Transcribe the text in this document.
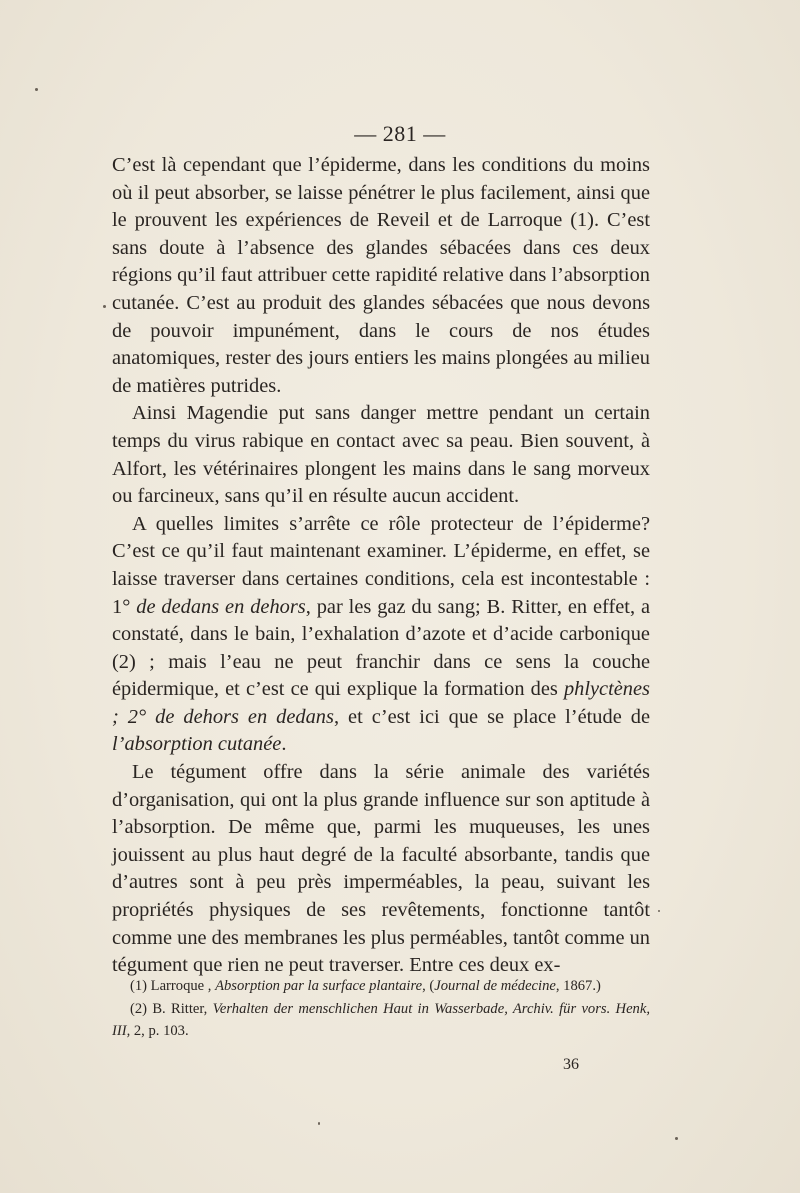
— 281 —

C’est là cependant que l’épiderme, dans les conditions du moins où il peut absorber, se laisse pénétrer le plus facilement, ainsi que le prouvent les expériences de Reveil et de Larroque (1). C’est sans doute à l’absence des glandes sébacées dans ces deux régions qu’il faut attribuer cette rapidité relative dans l’absorption cutanée. C’est au produit des glandes sébacées que nous devons de pouvoir impunément, dans le cours de nos études anatomiques, rester des jours entiers les mains plongées au milieu de matières putrides.

Ainsi Magendie put sans danger mettre pendant un certain temps du virus rabique en contact avec sa peau. Bien souvent, à Alfort, les vétérinaires plongent les mains dans le sang morveux ou farcineux, sans qu’il en résulte aucun accident.

A quelles limites s’arrête ce rôle protecteur de l’épiderme? C’est ce qu’il faut maintenant examiner. L’épiderme, en effet, se laisse traverser dans certaines conditions, cela est incontestable : 1° de dedans en dehors, par les gaz du sang; B. Ritter, en effet, a constaté, dans le bain, l’exhalation d’azote et d’acide carbonique (2) ; mais l’eau ne peut franchir dans ce sens la couche épidermique, et c’est ce qui explique la formation des phlyctènes ; 2° de dehors en dedans, et c’est ici que se place l’étude de l’absorption cutanée.

Le tégument offre dans la série animale des variétés d’organisation, qui ont la plus grande influence sur son aptitude à l’absorption. De même que, parmi les muqueuses, les unes jouissent au plus haut degré de la faculté absorbante, tandis que d’autres sont à peu près imperméables, la peau, suivant les propriétés physiques de ses revêtements, fonctionne tantôt comme une des membranes les plus perméables, tantôt comme un tégument que rien ne peut traverser. Entre ces deux ex-

(1) Larroque , Absorption par la surface plantaire, (Journal de médecine, 1867.)

(2) B. Ritter, Verhalten der menschlichen Haut in Wasserbade, Archiv. für vors. Henk, III, 2, p. 103.

36
